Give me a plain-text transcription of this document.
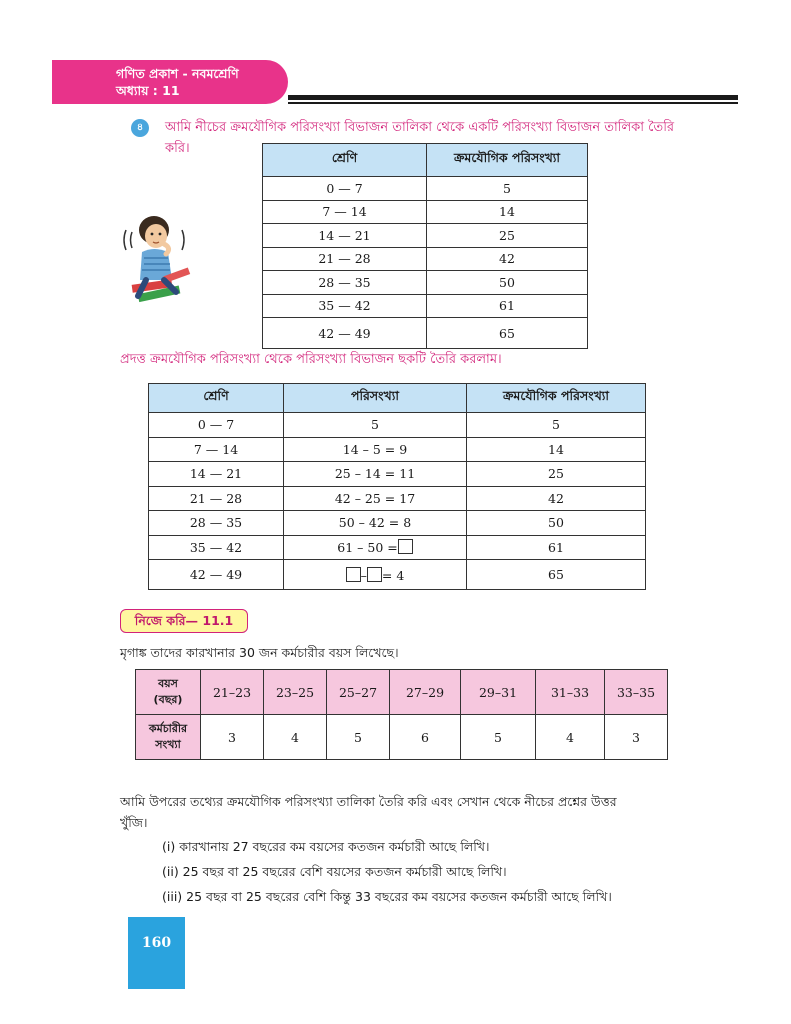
গণিত প্রকাশ - নবমশ্রেণি
অধ্যায় : 11
৪	আমি নীচের ক্রমযৌগিক পরিসংখ্যা বিভাজন তালিকা থেকে একটি পরিসংখ্যা বিভাজন তালিকা তৈরি
করি।
শ্রেণি	ক্রমযৌগিক পরিসংখ্যা
0 — 7	5
7 — 14	14
14 — 21	25
21 — 28	42
28 — 35	50
35 — 42	61
42 — 49	65
প্রদত্ত ক্রমযৌগিক পরিসংখ্যা থেকে পরিসংখ্যা বিভাজন ছকটি তৈরি করলাম।
শ্রেণি	পরিসংখ্যা	ক্রমযৌগিক পরিসংখ্যা
0 — 7	5	5
7 — 14	14 – 5 = 9	14
14 — 21	25 – 14 = 11	25
21 — 28	42 – 25 = 17	42
28 — 35	50 – 42 = 8	50
35 — 42	61 – 50 =	61
42 — 49	– = 4	65
নিজে করি— 11.1
মৃগাঙ্ক তাদের কারখানার 30 জন কর্মচারীর বয়স লিখেছে।
বয়স
(বছর)	21–23	23–25	25–27	27–29	29–31	31–33	33–35

কর্মচারীর
সংখ্যা	3	4	5	6	5	4	3
আমি উপরের তথ্যের ক্রমযৌগিক পরিসংখ্যা তালিকা তৈরি করি এবং সেখান থেকে নীচের প্রশ্নের উত্তর
খুঁজি।
(i) কারখানায় 27 বছরের কম বয়সের কতজন কর্মচারী আছে লিখি।
(ii) 25 বছর বা 25 বছরের বেশি বয়সের কতজন কর্মচারী আছে লিখি।
(iii) 25 বছর বা 25 বছরের বেশি কিন্তু 33 বছরের কম বয়সের কতজন কর্মচারী আছে লিখি।
160
